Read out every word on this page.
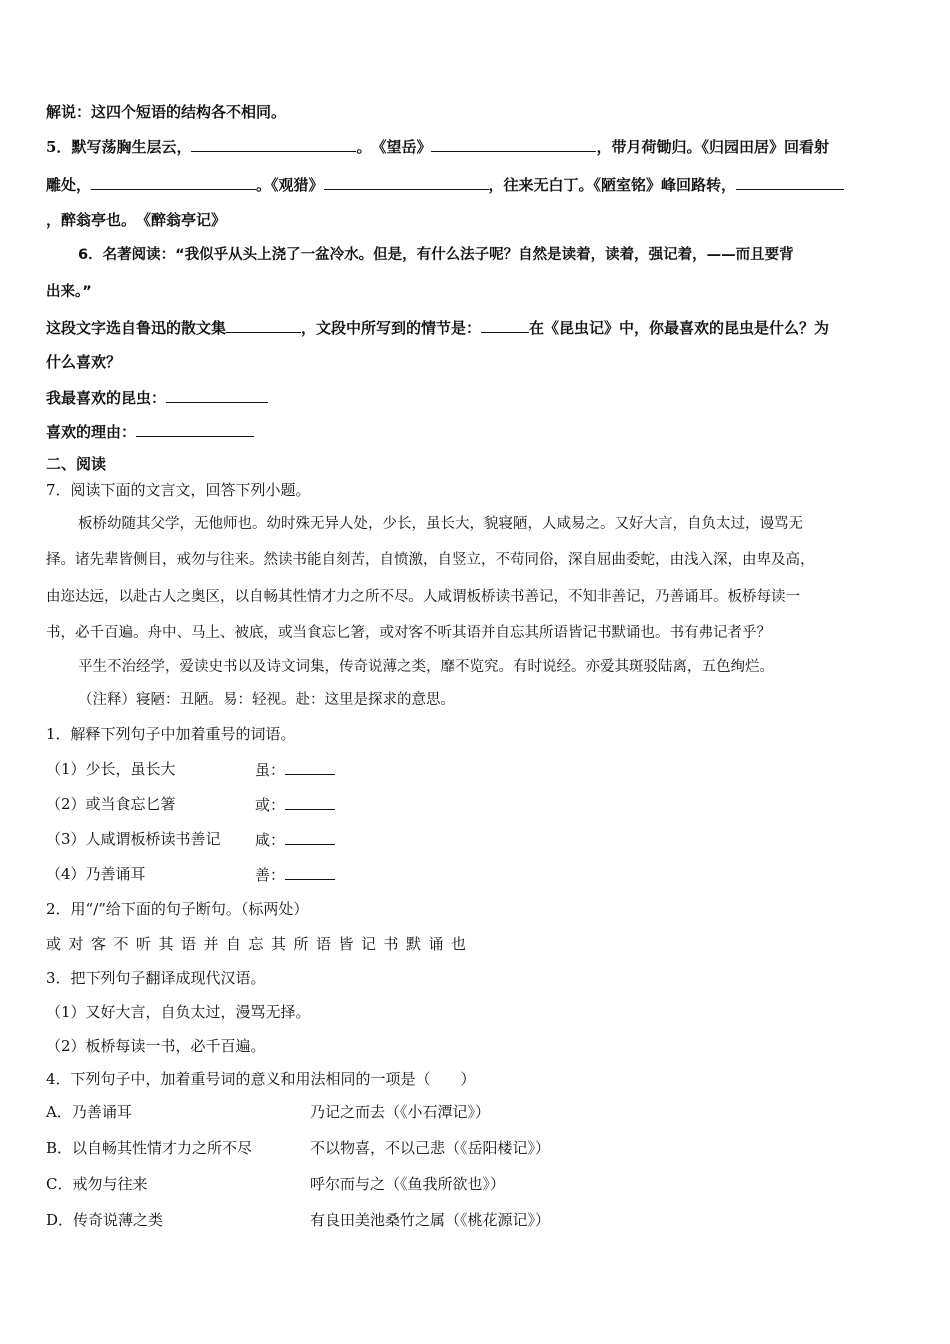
解说：这四个短语的结构各不相同。
5．默写荡胸生层云，	。　《望岳》	，带月荷锄归。《归园田居》回看射
雕处，	。《观猎》	，往来无白丁。《陋室铭》峰回路转，
，醉翁亭也。　《醉翁亭记》
6．名著阅读：“我似乎从头上浇了一盆冷水。但是，有什么法子呢？自然是读着，读着，强记着，——而且要背
出来。”
这段文字选自鲁迅的散文集	，文段中所写到的情节是：	在《昆虫记》中，你最喜欢的昆虫是什么？为
什么喜欢？
我最喜欢的昆虫：
喜欢的理由：
二、阅读
7．阅读下面的文言文，回答下列小题。
板桥幼随其父学，无他师也。幼时殊无异人处，少长，虽长大，貌寝陋，人咸易之。又好大言，自负太过，谩骂无
择。诸先辈皆侧目，戒勿与往来。然读书能自刻苦，自愤激，自竖立，不苟同俗，深自屈曲委蛇，由浅入深，由卑及高，
由迩达远，以赴古人之奥区，以自畅其性情才力之所不尽。人咸谓板桥读书善记，不知非善记，乃善诵耳。板桥每读一
书，必千百遍。舟中、马上、被底，或当食忘匕箸，或对客不听其语并自忘其所语皆记书默诵也。书有弗记者乎？
平生不治经学，爱读史书以及诗文词集，传奇说薄之类，靡不览究。有时说经。亦爱其斑驳陆离，五色绚烂。
（注释）寝陋：丑陋。易：轻视。赴：这里是探求的意思。
1．解释下列句子中加着重号的词语。
（1）少长，虽长大	虽：
（2）或当食忘匕箸	或：
（3）人咸谓板桥读书善记 咸：
（4）乃善诵耳	善：
2．用“/”给下面的句子断句。（标两处）
或对客不听其语并自忘其所语皆记书默诵也
3．把下列句子翻译成现代汉语。
（1）又好大言，自负太过，漫骂无择。
（2）板桥每读一书，必千百遍。
4．下列句子中，加着重号词的意义和用法相同的一项是（　　）
A．乃善诵耳	乃记之而去（《小石潭记》）
B．以自畅其性情才力之所不尽	不以物喜，不以己悲（《岳阳楼记》）
C．戒勿与往来	呼尔而与之（《鱼我所欲也》）
D．传奇说薄之类	有良田美池桑竹之属（《桃花源记》）
